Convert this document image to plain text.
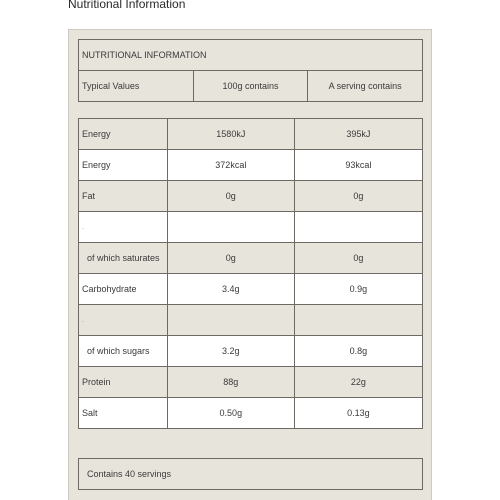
Nutritional Information
NUTRITIONAL INFORMATION
Typical Values	100g contains	A serving contains
Energy	1580kJ	395kJ
Energy	372kcal	93kcal
Fat	0g	0g
.		
of which saturates	0g	0g
Carbohydrate	3.4g	0.9g
.		
of which sugars	3.2g	0.8g
Protein	88g	22g
Salt	0.50g	0.13g
Contains 40 servings
